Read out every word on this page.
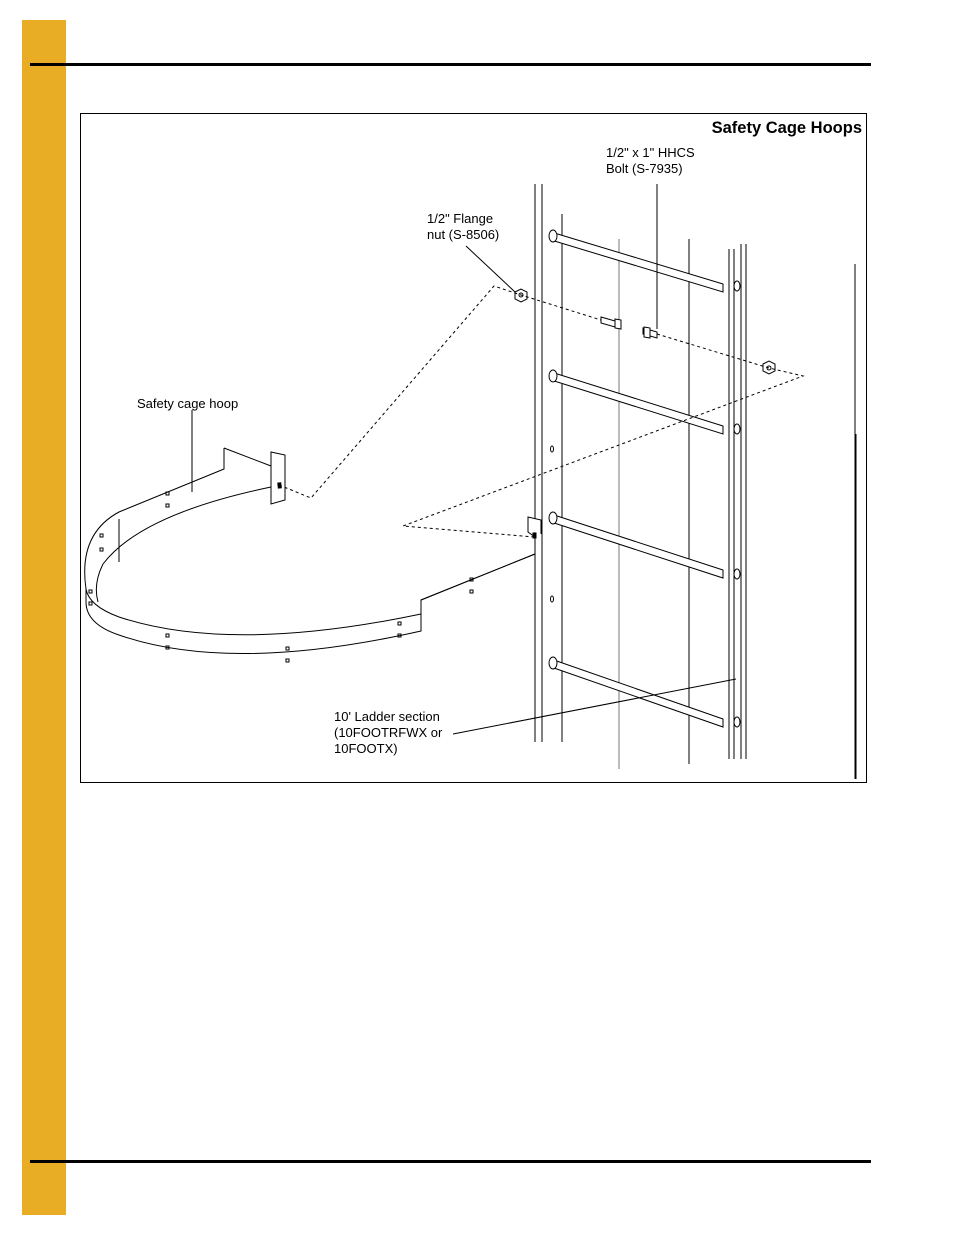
Safety Cage Hoops
1/2" x 1" HHCS
Bolt (S-7935)
1/2" Flange
nut (S-8506)
Safety cage hoop
10' Ladder section
(10FOOTRFWX or
10FOOTX)
